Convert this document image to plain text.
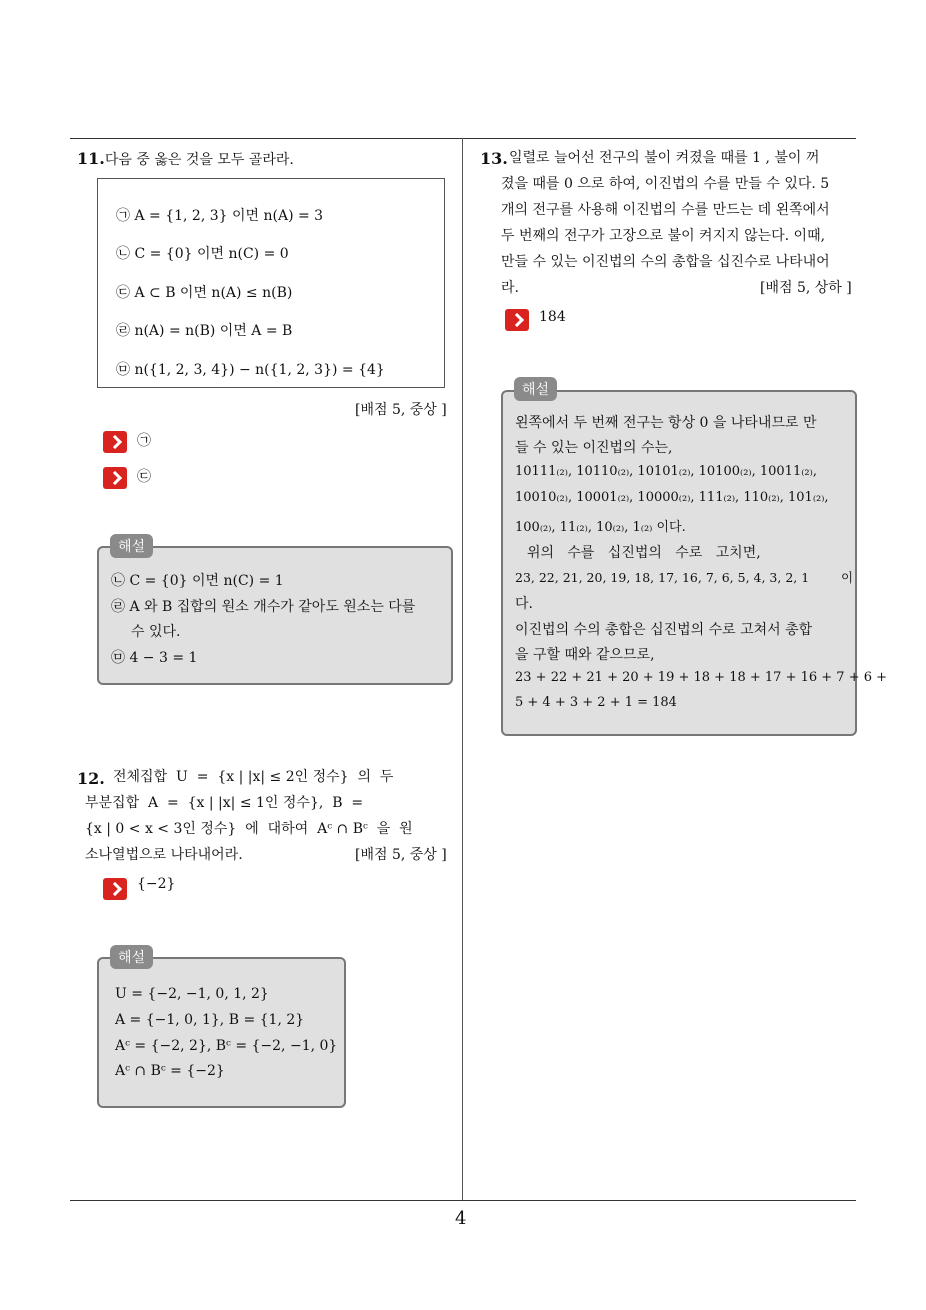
4
11.다음 중 옳은 것을 모두 골라라.
㉠ A = {1, 2, 3} 이면 n(A) = 3
㉡ C = {0} 이면 n(C) = 0
㉢ A ⊂ B 이면 n(A) ≤ n(B)
㉣ n(A) = n(B) 이면 A = B
㉤ n({1, 2, 3, 4}) − n({1, 2, 3}) = {4}
[배점 5, 중상 ]
㉠
㉢
㉡ C = {0} 이면 n(C) = 1
㉣ A 와 B 집합의 원소 개수가 같아도 원소는 다를
수 있다.
㉤ 4 − 3 = 1
해설
12. 전체집합  U  =  {x | |x| ≤ 2인 정수}  의  두
부분집합  A  =  {x | |x| ≤ 1인 정수},  B  =
{x | 0 < x < 3인 정수}  에  대하여  Aᶜ ∩ Bᶜ  을  원
소나열법으로 나타내어라.	[배점 5, 중상 ]
{−2}
U = {−2, −1, 0, 1, 2}
A = {−1, 0, 1}, B = {1, 2}
Aᶜ = {−2, 2}, Bᶜ = {−2, −1, 0}
Aᶜ ∩ Bᶜ = {−2}
해설
13. 일렬로 늘어선 전구의 불이 켜졌을 때를 1 , 불이 꺼
졌을 때를 0 으로 하여, 이진법의 수를 만들 수 있다. 5
개의 전구를 사용해 이진법의 수를 만드는 데 왼쪽에서
두 번째의 전구가 고장으로 불이 켜지지 않는다. 이때,
만들 수 있는 이진법의 수의 총합을 십진수로 나타내어
라.	[배점 5, 상하 ]
184
왼쪽에서 두 번째 전구는 항상 0 을 나타내므로 만
들 수 있는 이진법의 수는,
10111₍₂₎, 10110₍₂₎, 10101₍₂₎, 10100₍₂₎, 10011₍₂₎,
10010₍₂₎, 10001₍₂₎, 10000₍₂₎, 111₍₂₎, 110₍₂₎, 101₍₂₎,
100₍₂₎, 11₍₂₎, 10₍₂₎, 1₍₂₎ 이다.
위의   수를   십진법의   수로   고치면,
23, 22, 21, 20, 19, 18, 17, 16, 7, 6, 5, 4, 3, 2, 1        이
다.
이진법의 수의 총합은 십진법의 수로 고쳐서 총합
을 구할 때와 같으므로,
23 + 22 + 21 + 20 + 19 + 18 + 18 + 17 + 16 + 7 + 6 +
5 + 4 + 3 + 2 + 1 = 184
해설
